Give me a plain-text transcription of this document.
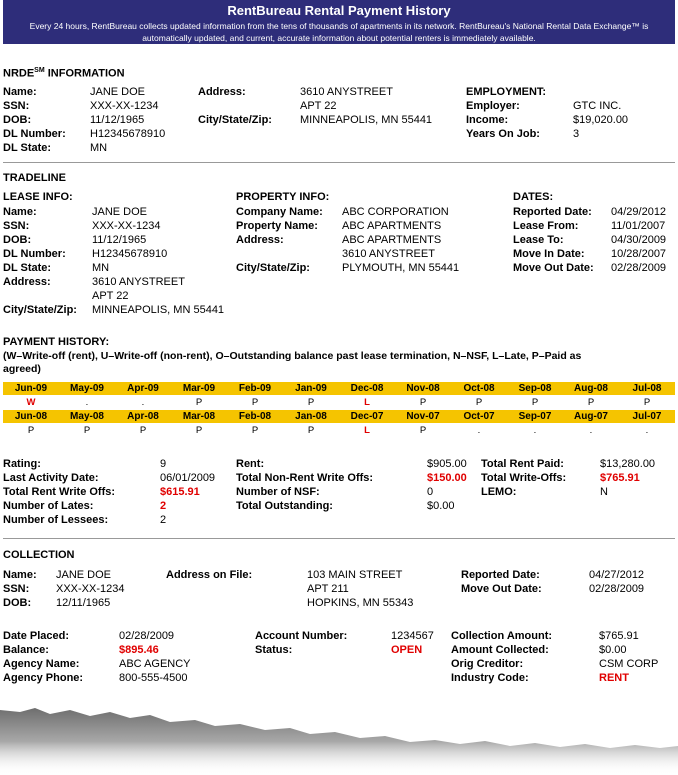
RentBureau Rental Payment History
Every 24 hours, RentBureau collects updated information from the tens of thousands of apartments in its network. RentBureau's National Rental Data Exchange™ is automatically updated, and current, accurate information about potential renters is immediately available.
NRDE℠ INFORMATION
Name:	JANE DOE
SSN:	XXX-XX-1234
DOB:	11/12/1965
DL Number: H12345678910
DL State:	MN
Address:	3610 ANYSTREET
APT 22
City/State/Zip:	MINNEAPOLIS, MN 55441
EMPLOYMENT:
Employer:	GTC INC.
Income:	$19,020.00
Years On Job:	3
TRADELINE
LEASE INFO:
Name:	JANE DOE
SSN:	XXX-XX-1234
DOB:	11/12/1965
DL Number: H12345678910
DL State:	MN
Address:	3610 ANYSTREET
APT 22
City/State/Zip: MINNEAPOLIS, MN 55441
PROPERTY INFO:
Company Name: ABC CORPORATION
Property Name: ABC APARTMENTS
Address:	ABC APARTMENTS
3610 ANYSTREET
City/State/Zip:	PLYMOUTH, MN 55441
DATES:
Reported Date: 04/29/2012
Lease From:	11/01/2007
Lease To:	04/30/2009
Move In Date: 10/28/2007
Move Out Date: 02/28/2009
PAYMENT HISTORY:
(W–Write-off (rent), U–Write-off (non-rent), O–Outstanding balance past lease termination, N–NSF, L–Late, P–Paid as
agreed)
Jun-09	May-09	Apr-09	Mar-09	Feb-09	Jan-09	Dec-08	Nov-08	Oct-08	Sep-08	Aug-08	Jul-08
W	.	.	P	P	P	L	P	P	P	P	P
Jun-08	May-08	Apr-08	Mar-08	Feb-08	Jan-08	Dec-07	Nov-07	Oct-07	Sep-07	Aug-07	Jul-07
P	P	P	P	P	P	L	P	.	.	.	.
Rating:	9
Last Activity Date:	06/01/2009
Total Rent Write Offs:	$615.91
Number of Lates:	2
Number of Lessees:	2
Rent:	$905.00
Total Non-Rent Write Offs:	$150.00
Number of NSF:	0
Total Outstanding:	$0.00
Total Rent Paid:	$13,280.00
Total Write-Offs:	$765.91
LEMO:	N
COLLECTION
Name: JANE DOE
SSN: XXX-XX-1234
DOB: 12/11/1965
Address on File:	103 MAIN STREET
APT 211
HOPKINS, MN 55343
Reported Date:	04/27/2012
Move Out Date:	02/28/2009
Date Placed:	02/28/2009
Balance:	$895.46
Agency Name:	ABC AGENCY
Agency Phone:	800-555-4500
Account Number:	1234567
Status:	OPEN
Collection Amount:	$765.91
Amount Collected:	$0.00
Orig Creditor:	CSM CORP
Industry Code:	RENT
